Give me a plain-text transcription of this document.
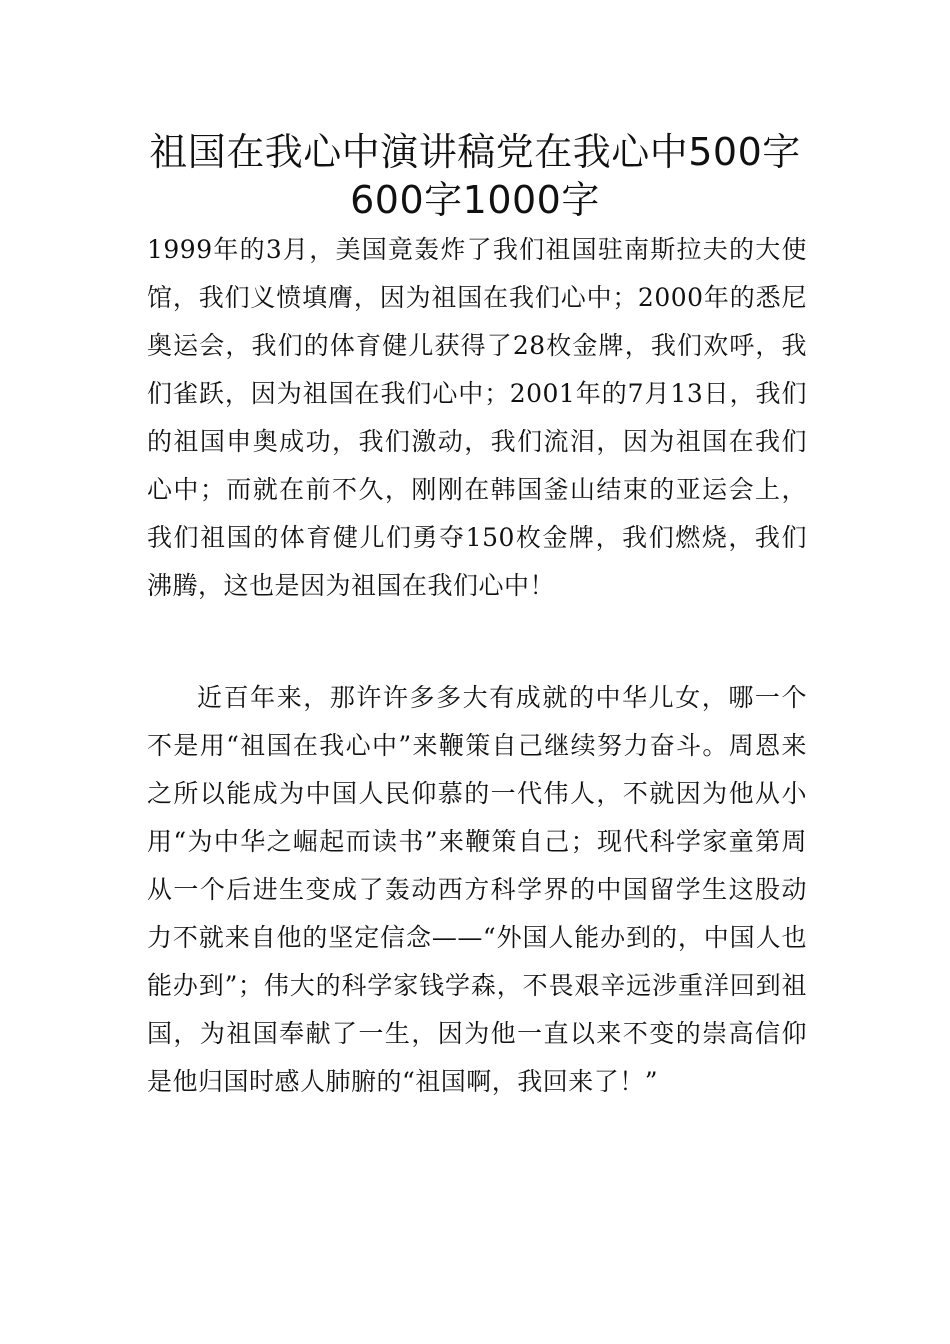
祖国在我心中演讲稿党在我心中500字600字1000字

1999年的3月，美国竟轰炸了我们祖国驻南斯拉夫的大使馆，我们义愤填膺，因为祖国在我们心中；2000年的悉尼奥运会，我们的体育健儿获得了28枚金牌，我们欢呼，我们雀跃，因为祖国在我们心中；2001年的7月13日，我们的祖国申奥成功，我们激动，我们流泪，因为祖国在我们心中；而就在前不久，刚刚在韩国釜山结束的亚运会上，我们祖国的体育健儿们勇夺150枚金牌，我们燃烧，我们沸腾，这也是因为祖国在我们心中！

近百年来，那许许多多大有成就的中华儿女，哪一个不是用“祖国在我心中”来鞭策自己继续努力奋斗。周恩来之所以能成为中国人民仰慕的一代伟人，不就因为他从小用“为中华之崛起而读书”来鞭策自己；现代科学家童第周从一个后进生变成了轰动西方科学界的中国留学生这股动力不就来自他的坚定信念——“外国人能办到的，中国人也能办到”；伟大的科学家钱学森，不畏艰辛远涉重洋回到祖国，为祖国奉献了一生，因为他一直以来不变的崇高信仰是他归国时感人肺腑的“祖国啊，我回来了！”
